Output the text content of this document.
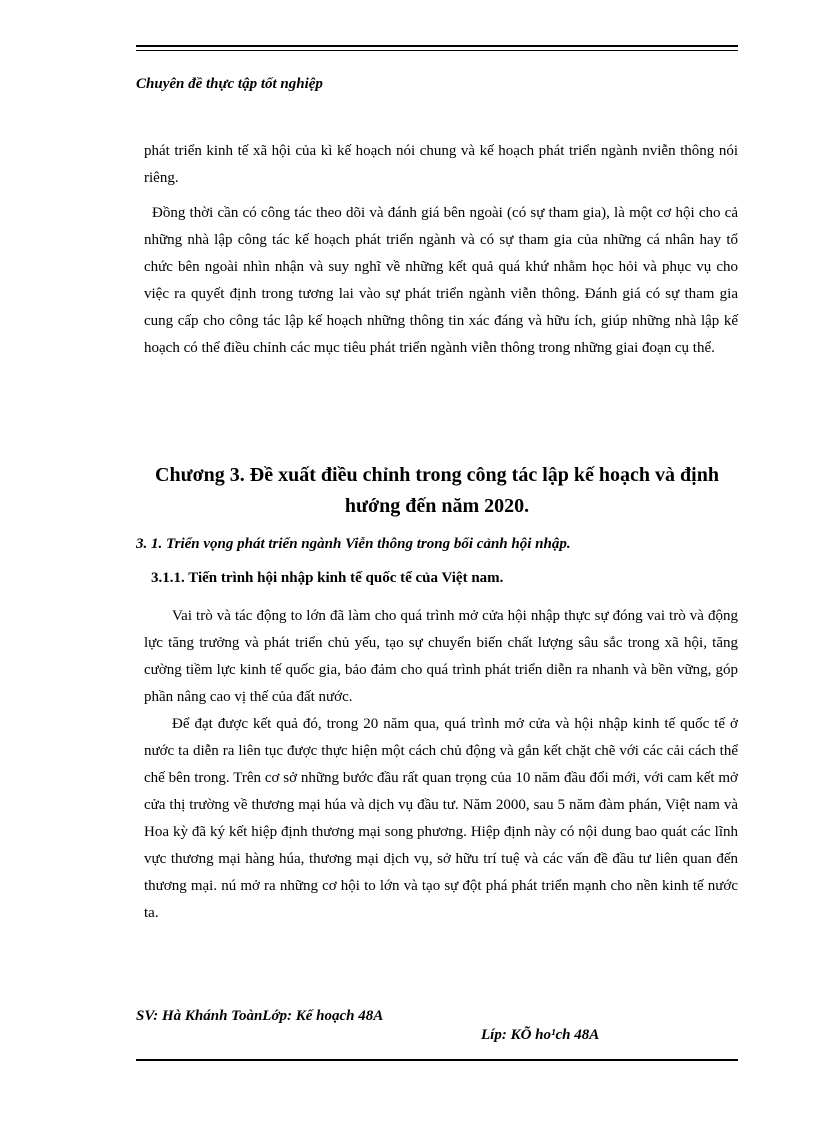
Chuyên đề thực tập tốt nghiệp
phát triển kinh tế xã hội của kì kế hoạch nói chung và kế hoạch phát triển ngành nviễn thông nói riêng.
Đồng thời cần có công tác theo dõi và đánh giá bên ngoài (có sự tham gia), là một cơ hội cho cả những nhà lập công tác kế hoạch phát triển ngành và có sự tham gia của những cá nhân hay tổ chức bên ngoài nhìn nhận và suy nghĩ về những kết quả quá khứ nhằm học hỏi và phục vụ cho việc ra quyết định trong tương lai vào sự phát triển ngành viễn thông. Đánh giá có sự tham gia cung cấp cho công tác lập kế hoạch những thông tin xác đáng và hữu ích, giúp những nhà lập kế hoạch có thể điều chỉnh các mục tiêu phát triển ngành viễn thông trong những giai đoạn cụ thể.
Chương 3. Đề xuất điều chỉnh trong công tác lập kế hoạch và định hướng đến năm 2020.
3. 1. Triển vọng phát triển ngành Viễn thông trong bối cảnh hội nhập.
3.1.1. Tiến trình hội nhập kinh tế quốc tế của Việt nam.
Vai trò và tác động to lớn đã làm cho quá trình mở cửa hội nhập thực sự đóng vai trò và động lực tăng trưởng và phát triển chủ yếu, tạo sự chuyển biến chất lượng sâu sắc trong xã hội, tăng cường tiềm lực kinh tế quốc gia, bảo đảm cho quá trình phát triển diễn ra nhanh và bền vững, góp phần nâng cao vị thế của đất nước.
Để đạt được kết quả đó, trong 20 năm qua, quá trình mở cửa và hội nhập kinh tế quốc tế ở nước ta diễn ra liên tục được thực hiện một cách chủ động và gắn kết chặt chẽ với các cải cách thể chế bên trong. Trên cơ sở những bước đầu rất quan trọng của 10 năm đầu đổi mới, với cam kết mở cửa thị trường về thương mại húa và dịch vụ đầu tư. Năm 2000, sau 5 năm đàm phán, Việt nam và Hoa kỳ đã ký kết hiệp định thương mại song phương. Hiệp định này có nội dung bao quát các lĩnh vực thương mại hàng húa, thương mại dịch vụ, sở hữu trí tuệ và các vấn đề đầu tư liên quan đến thương mại. nú mở ra những cơ hội to lớn và tạo sự đột phá phát triển mạnh cho nền kinh tế nước ta.
SV: Hà Khánh ToànLớp: Kế hoạch 48A
Líp: KÕ ho¹ch 48A
